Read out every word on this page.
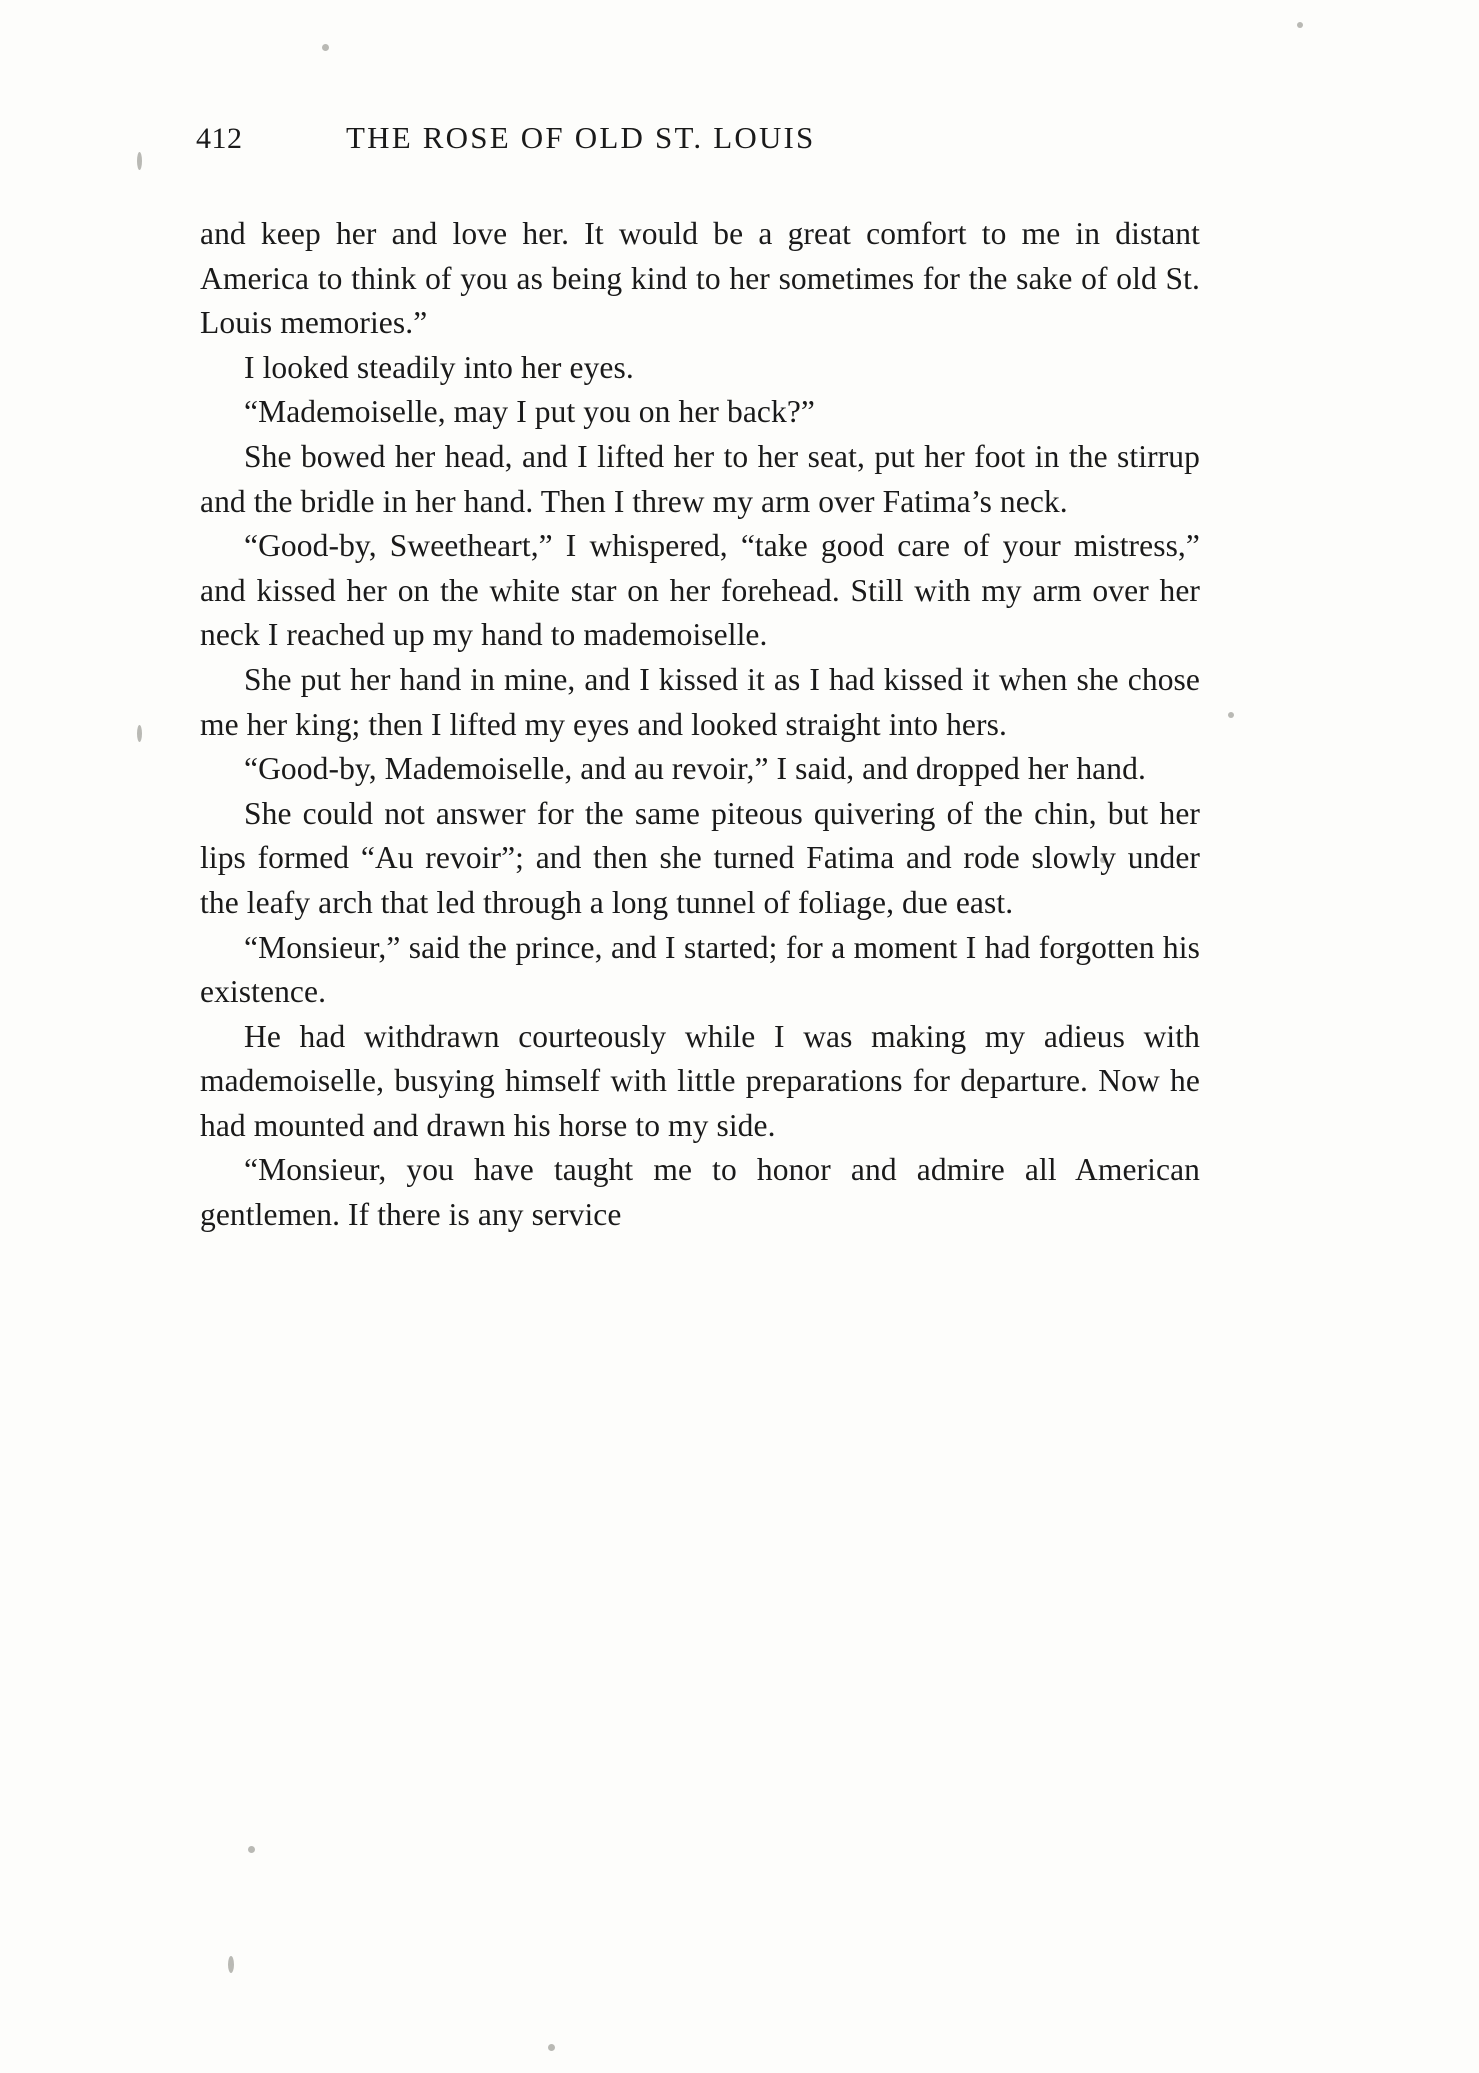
412	THE ROSE OF OLD ST. LOUIS

and keep her and love her. It would be a great comfort to me in distant America to think of you as being kind to her sometimes for the sake of old St. Louis memories.”

I looked steadily into her eyes.

“Mademoiselle, may I put you on her back?”

She bowed her head, and I lifted her to her seat, put her foot in the stirrup and the bridle in her hand. Then I threw my arm over Fatima’s neck.

“Good-by, Sweetheart,” I whispered, “take good care of your mistress,” and kissed her on the white star on her forehead. Still with my arm over her neck I reached up my hand to mademoiselle.

She put her hand in mine, and I kissed it as I had kissed it when she chose me her king; then I lifted my eyes and looked straight into hers.

“Good-by, Mademoiselle, and au revoir,” I said, and dropped her hand.

She could not answer for the same piteous quivering of the chin, but her lips formed “Au revoir”; and then she turned Fatima and rode slowly under the leafy arch that led through a long tunnel of foliage, due east.

“Monsieur,” said the prince, and I started; for a moment I had forgotten his existence.

He had withdrawn courteously while I was making my adieus with mademoiselle, busying himself with little preparations for departure. Now he had mounted and drawn his horse to my side.

“Monsieur, you have taught me to honor and admire all American gentlemen. If there is any service
